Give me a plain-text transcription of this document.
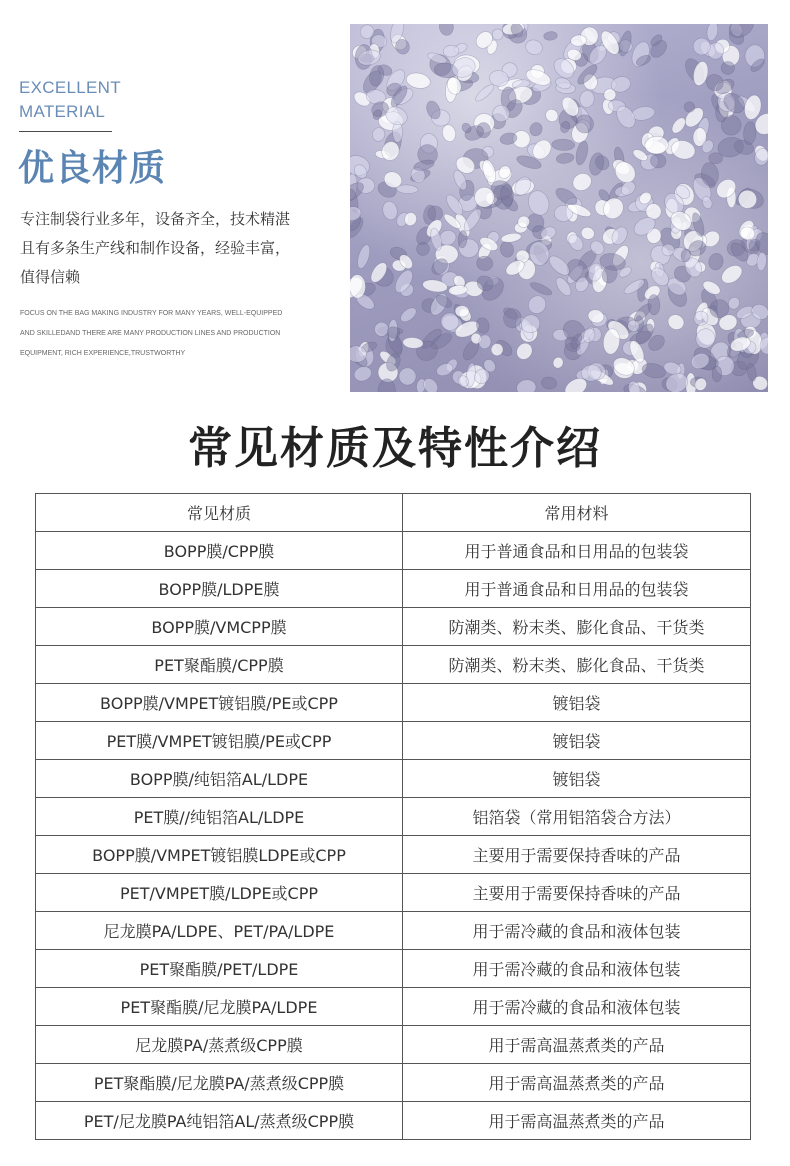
EXCELLENT
MATERIAL
优良材质
专注制袋行业多年，设备齐全，技术精湛
且有多条生产线和制作设备，经验丰富，
值得信赖
FOCUS ON THE BAG MAKING INDUSTRY FOR MANY YEARS, WELL-EQUIPPED
AND SKILLEDAND THERE ARE MANY PRODUCTION LINES AND PRODUCTION
EQUIPMENT, RICH EXPERIENCE,TRUSTWORTHY
常见材质及特性介绍
常见材质	常用材料
BOPP膜/CPP膜	用于普通食品和日用品的包装袋
BOPP膜/LDPE膜	用于普通食品和日用品的包装袋
BOPP膜/VMCPP膜	防潮类、粉末类、膨化食品、干货类
PET聚酯膜/CPP膜	防潮类、粉末类、膨化食品、干货类
BOPP膜/VMPET镀铝膜/PE或CPP	镀铝袋
PET膜/VMPET镀铝膜/PE或CPP	镀铝袋
BOPP膜/纯铝箔AL/LDPE	镀铝袋
PET膜//纯铝箔AL/LDPE	铝箔袋（常用铝箔袋合方法）
BOPP膜/VMPET镀铝膜LDPE或CPP	主要用于需要保持香味的产品
PET/VMPET膜/LDPE或CPP	主要用于需要保持香味的产品
尼龙膜PA/LDPE、PET/PA/LDPE	用于需冷藏的食品和液体包装
PET聚酯膜/PET/LDPE	用于需冷藏的食品和液体包装
PET聚酯膜/尼龙膜PA/LDPE	用于需冷藏的食品和液体包装
尼龙膜PA/蒸煮级CPP膜	用于需高温蒸煮类的产品
PET聚酯膜/尼龙膜PA/蒸煮级CPP膜	用于需高温蒸煮类的产品
PET/尼龙膜PA纯铝箔AL/蒸煮级CPP膜	用于需高温蒸煮类的产品
